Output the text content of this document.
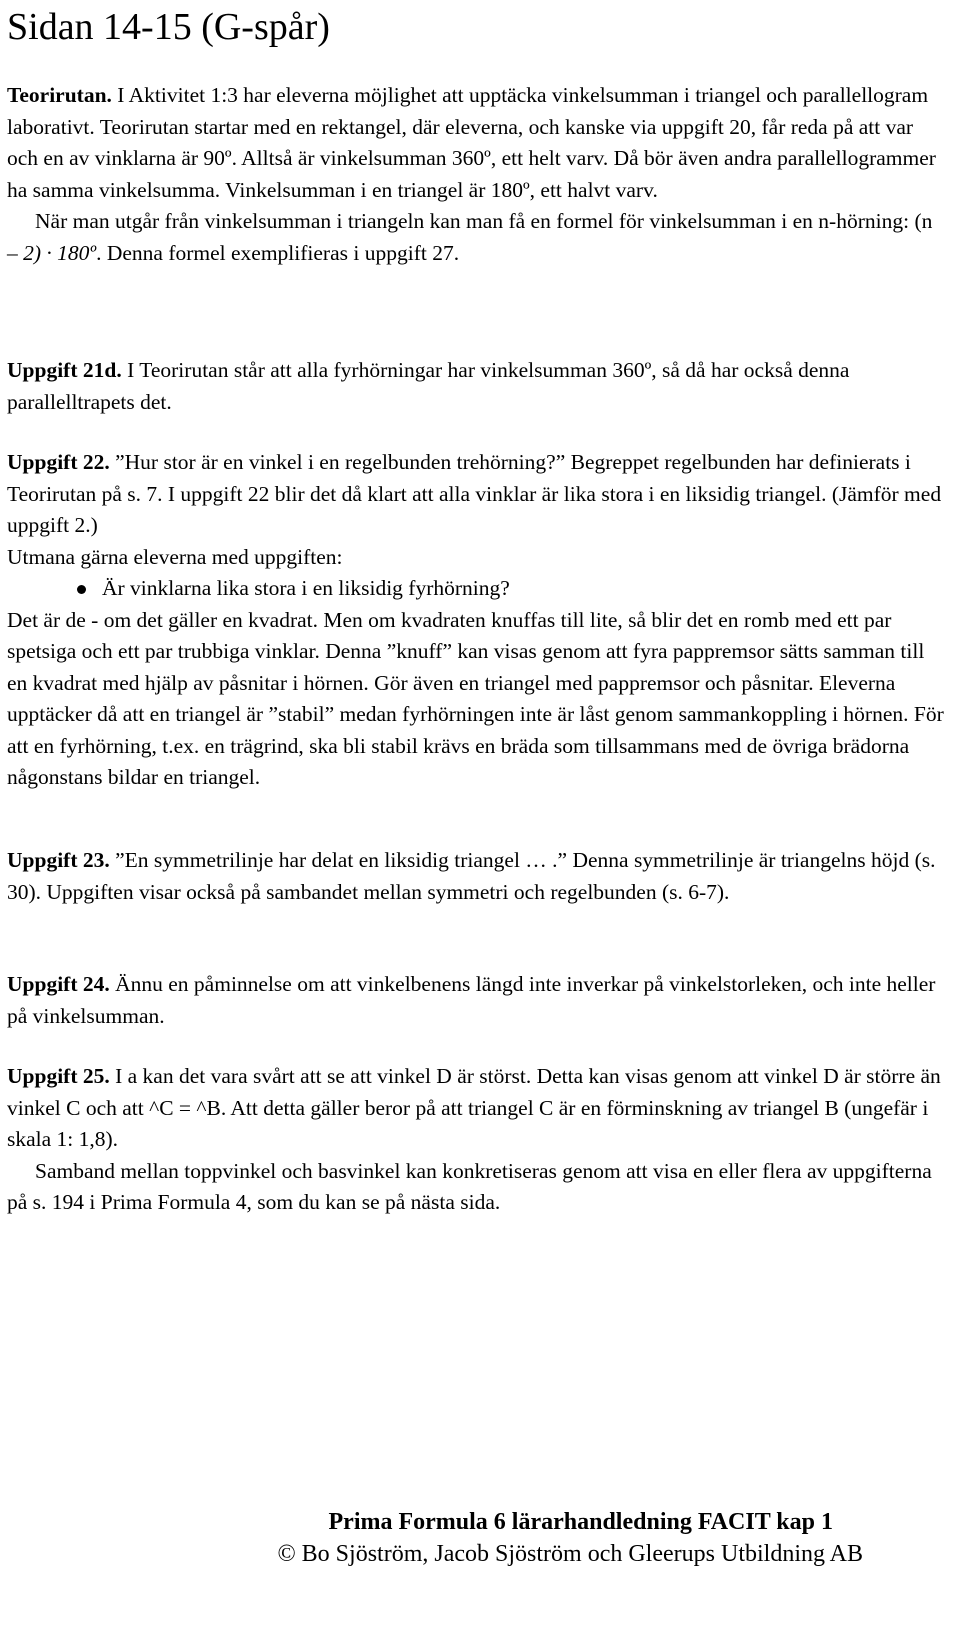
Sidan 14-15 (G-spår)

Teorirutan. I Aktivitet 1:3 har eleverna möjlighet att upptäcka vinkelsumman i triangel och parallellogram laborativt. Teorirutan startar med en rektangel, där eleverna, och kanske via uppgift 20, får reda på att var och en av vinklarna är 90º. Alltså är vinkelsumman 360º, ett helt varv. Då bör även andra parallellogrammer ha samma vinkelsumma. Vinkelsumman i en triangel är 180º, ett halvt varv.

När man utgår från vinkelsumman i triangeln kan man få en formel för vinkelsumman i en n-hörning: (n – 2) · 180º. Denna formel exemplifieras i uppgift 27.

Uppgift 21d. I Teorirutan står att alla fyrhörningar har vinkelsumman 360º, så då har också denna parallelltrapets det.

Uppgift 22. ”Hur stor är en vinkel i en regelbunden trehörning?” Begreppet regelbunden har definierats i Teorirutan på s. 7. I uppgift 22 blir det då klart att alla vinklar är lika stora i en liksidig triangel. (Jämför med uppgift 2.)

Utmana gärna eleverna med uppgiften:

Är vinklarna lika stora i en liksidig fyrhörning?

Det är de - om det gäller en kvadrat. Men om kvadraten knuffas till lite, så blir det en romb med ett par spetsiga och ett par trubbiga vinklar. Denna ”knuff” kan visas genom att fyra pappremsor sätts samman till en kvadrat med hjälp av påsnitar i hörnen. Gör även en triangel med pappremsor och påsnitar. Eleverna upptäcker då att en triangel är ”stabil” medan fyrhörningen inte är låst genom sammankoppling i hörnen. För att en fyrhörning, t.ex. en trägrind, ska bli stabil krävs en bräda som tillsammans med de övriga brädorna någonstans bildar en triangel.

Uppgift 23. ”En symmetrilinje har delat en liksidig triangel … .” Denna symmetrilinje är triangelns höjd (s. 30). Uppgiften visar också på sambandet mellan symmetri och regelbunden (s. 6-7).

Uppgift 24. Ännu en påminnelse om att vinkelbenens längd inte inverkar på vinkelstorleken, och inte heller på vinkelsumman.

Uppgift 25. I a kan det vara svårt att se att vinkel D är störst. Detta kan visas genom att vinkel D är större än vinkel C och att ^C = ^B. Att detta gäller beror på att triangel C är en förminskning av triangel B (ungefär i skala 1: 1,8).

Samband mellan toppvinkel och basvinkel kan konkretiseras genom att visa en eller flera av uppgifterna på s. 194 i Prima Formula 4, som du kan se på nästa sida.

Prima Formula 6 lärarhandledning FACIT kap 1
© Bo Sjöström, Jacob Sjöström och Gleerups Utbildning AB
